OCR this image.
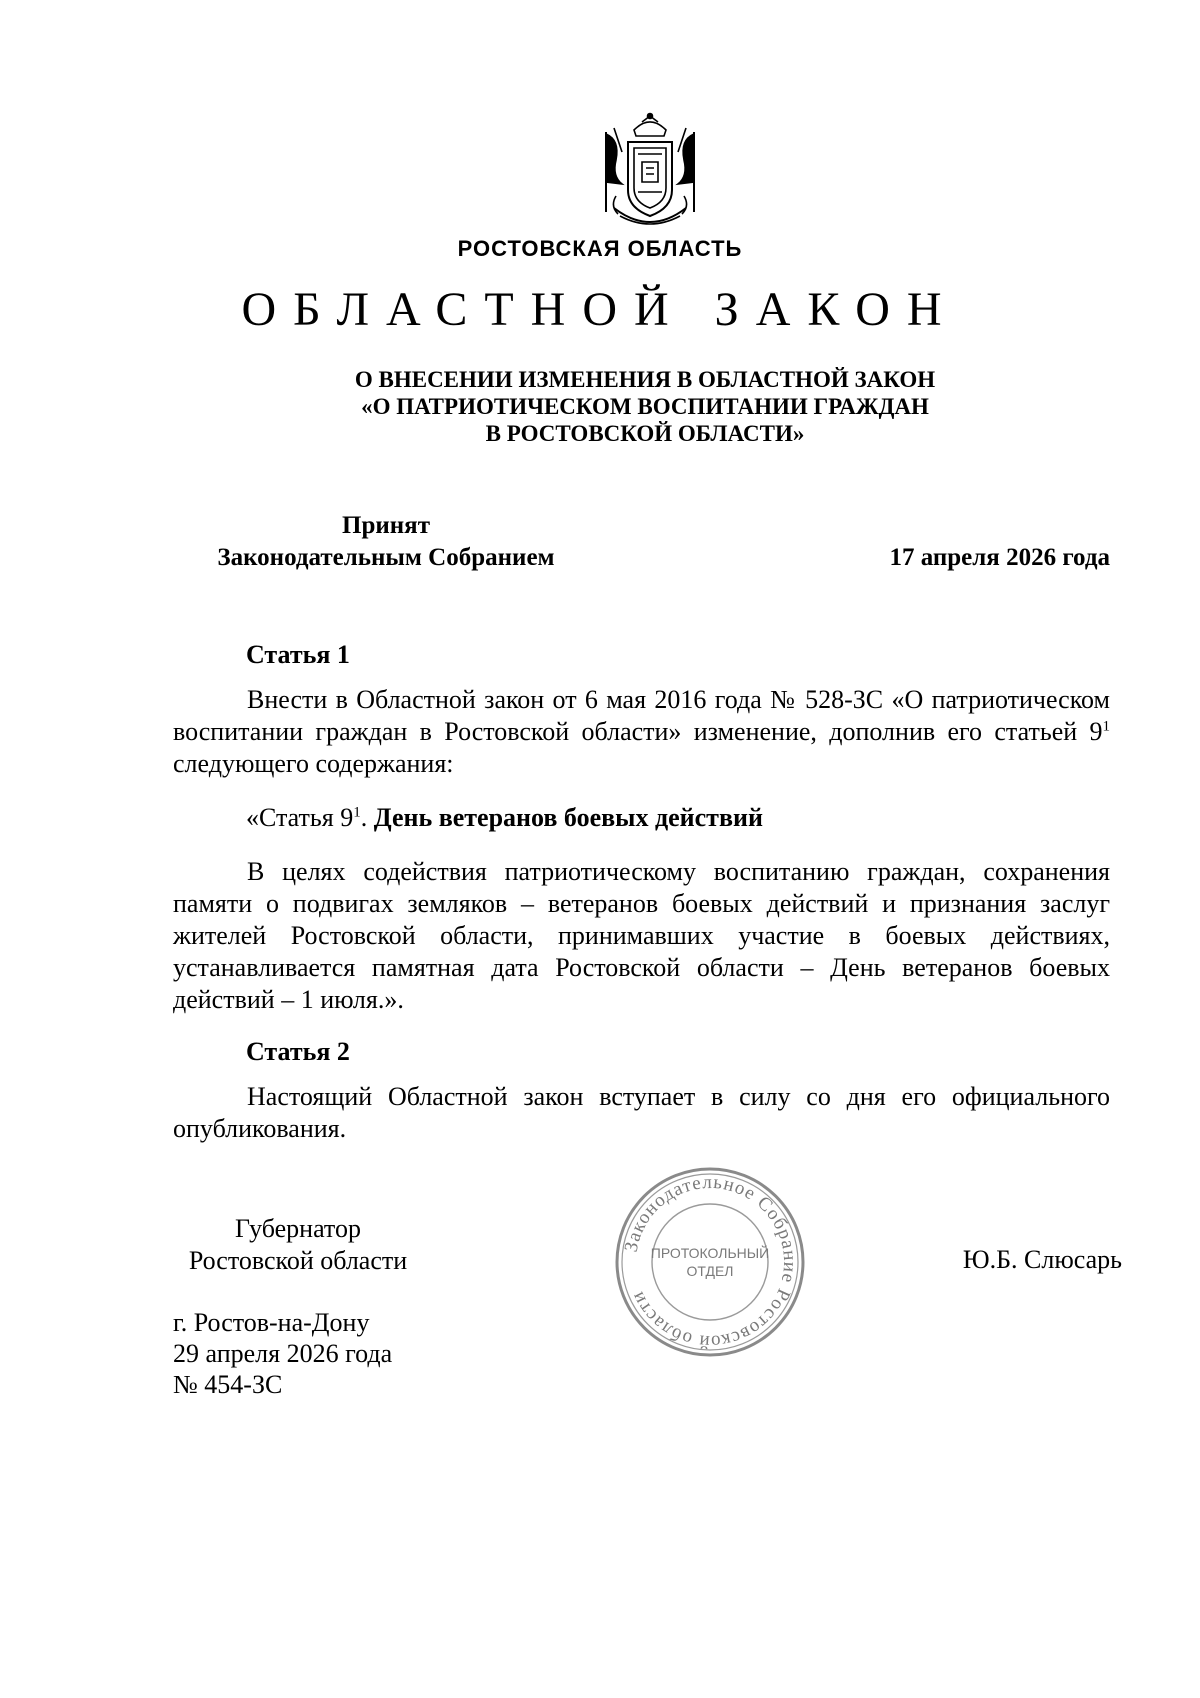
РОСТОВСКАЯ ОБЛАСТЬ
ОБЛАСТНОЙ ЗАКОН
О ВНЕСЕНИИ ИЗМЕНЕНИЯ В ОБЛАСТНОЙ ЗАКОН
«О ПАТРИОТИЧЕСКОМ ВОСПИТАНИИ ГРАЖДАН
В РОСТОВСКОЙ ОБЛАСТИ»
Принят
Законодательным Собранием	17 апреля 2026 года
Статья 1
Внести в Областной закон от 6 мая 2016 года № 528-ЗС «О патриотическом воспитании граждан в Ростовской области» изменение, дополнив его статьей $9^1$ следующего содержания:
«Статья $9^1$. День ветеранов боевых действий
В целях содействия патриотическому воспитанию граждан, сохранения памяти о подвигах земляков – ветеранов боевых действий и признания заслуг жителей Ростовской области, принимавших участие в боевых действиях, устанавливается памятная дата Ростовской области – День ветеранов боевых действий – 1 июля.».
Статья 2
Настоящий Областной закон вступает в силу со дня его официального опубликования.
Губернатор
Ростовской области	Законодательное Собрание Ростовской области
ПРОТОКОЛЬНЫЙ
ОТДЕЛ	Ю.Б. Слюсарь
г. Ростов-на-Дону
29 апреля 2026 года
№ 454-ЗС
